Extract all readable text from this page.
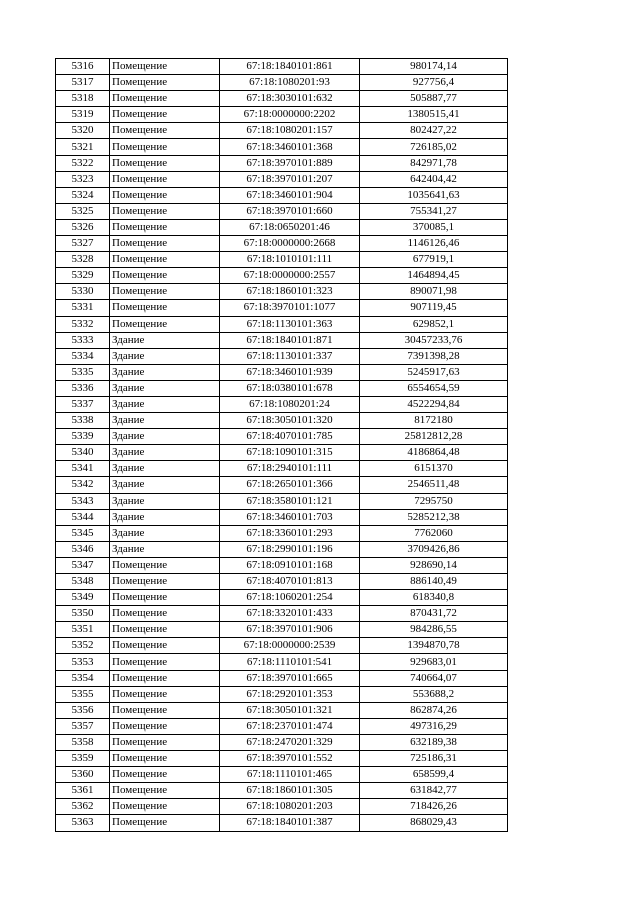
5316	Помещение	67:18:1840101:861	980174,14
5317	Помещение	67:18:1080201:93	927756,4
5318	Помещение	67:18:3030101:632	505887,77
5319	Помещение	67:18:0000000:2202	1380515,41
5320	Помещение	67:18:1080201:157	802427,22
5321	Помещение	67:18:3460101:368	726185,02
5322	Помещение	67:18:3970101:889	842971,78
5323	Помещение	67:18:3970101:207	642404,42
5324	Помещение	67:18:3460101:904	1035641,63
5325	Помещение	67:18:3970101:660	755341,27
5326	Помещение	67:18:0650201:46	370085,1
5327	Помещение	67:18:0000000:2668	1146126,46
5328	Помещение	67:18:1010101:111	677919,1
5329	Помещение	67:18:0000000:2557	1464894,45
5330	Помещение	67:18:1860101:323	890071,98
5331	Помещение	67:18:3970101:1077	907119,45
5332	Помещение	67:18:1130101:363	629852,1
5333	Здание	67:18:1840101:871	30457233,76
5334	Здание	67:18:1130101:337	7391398,28
5335	Здание	67:18:3460101:939	5245917,63
5336	Здание	67:18:0380101:678	6554654,59
5337	Здание	67:18:1080201:24	4522294,84
5338	Здание	67:18:3050101:320	8172180
5339	Здание	67:18:4070101:785	25812812,28
5340	Здание	67:18:1090101:315	4186864,48
5341	Здание	67:18:2940101:111	6151370
5342	Здание	67:18:2650101:366	2546511,48
5343	Здание	67:18:3580101:121	7295750
5344	Здание	67:18:3460101:703	5285212,38
5345	Здание	67:18:3360101:293	7762060
5346	Здание	67:18:2990101:196	3709426,86
5347	Помещение	67:18:0910101:168	928690,14
5348	Помещение	67:18:4070101:813	886140,49
5349	Помещение	67:18:1060201:254	618340,8
5350	Помещение	67:18:3320101:433	870431,72
5351	Помещение	67:18:3970101:906	984286,55
5352	Помещение	67:18:0000000:2539	1394870,78
5353	Помещение	67:18:1110101:541	929683,01
5354	Помещение	67:18:3970101:665	740664,07
5355	Помещение	67:18:2920101:353	553688,2
5356	Помещение	67:18:3050101:321	862874,26
5357	Помещение	67:18:2370101:474	497316,29
5358	Помещение	67:18:2470201:329	632189,38
5359	Помещение	67:18:3970101:552	725186,31
5360	Помещение	67:18:1110101:465	658599,4
5361	Помещение	67:18:1860101:305	631842,77
5362	Помещение	67:18:1080201:203	718426,26
5363	Помещение	67:18:1840101:387	868029,43
